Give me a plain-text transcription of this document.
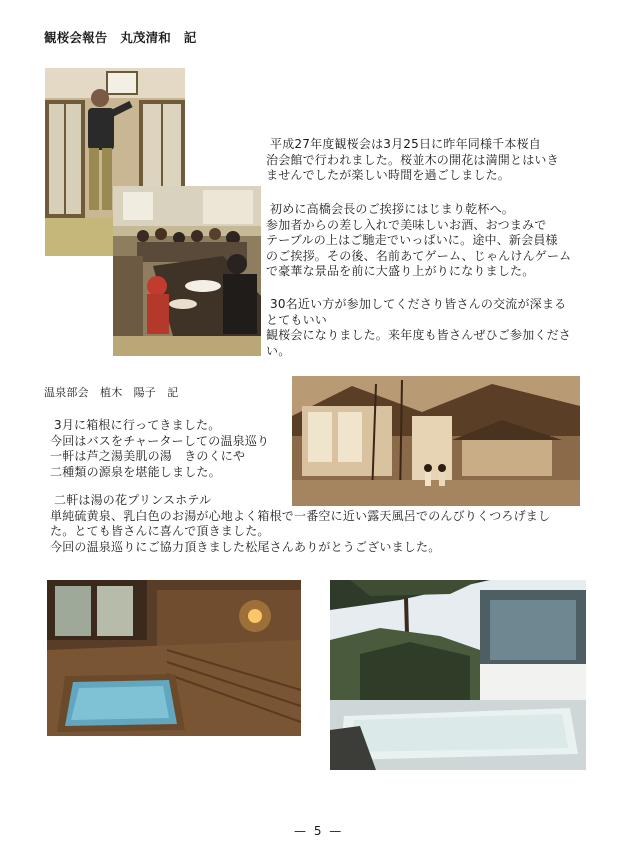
観桜会報告　丸茂清和　記
平成27年度観桜会は3月25日に昨年同様千本桜自
治会館で行われました。桜並木の開花は満開とはいき
ませんでしたが楽しい時間を過ごしました。
初めに高橋会長のご挨拶にはじまり乾杯へ。
参加者からの差し入れで美味しいお酒、おつまみで
テーブルの上はご馳走でいっぱいに。途中、新会員様
のご挨拶。その後、名前あてゲーム、じゃんけんゲーム
で豪華な景品を前に大盛り上がりになりました。
30名近い方が参加してくださり皆さんの交流が深まる
とてもいい
観桜会になりました。来年度も皆さんぜひご参加くださ
い。
温泉部会　植木　陽子　記
3月に箱根に行ってきました。
今回はバスをチャーターしての温泉巡り
一軒は芦之湯美肌の湯　きのくにや
二種類の源泉を堪能しました。
二軒は湯の花プリンスホテル
単純硫黄泉、乳白色のお湯が心地よく箱根で一番空に近い露天風呂でのんびりくつろげまし
た。とても皆さんに喜んで頂きました。
今回の温泉巡りにご協力頂きました松尾さんありがとうございました。
— 5 —
